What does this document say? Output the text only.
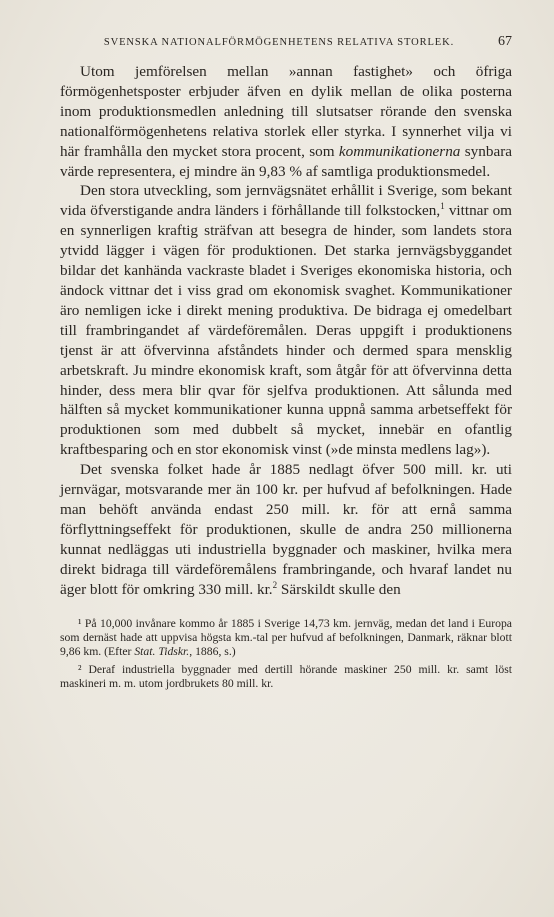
SVENSKA NATIONALFÖRMÖGENHETENS RELATIVA STORLEK.	67

Utom jemförelsen mellan »annan fastighet» och öfriga förmögenhetsposter erbjuder äfven en dylik mellan de olika posterna inom produktionsmedlen anledning till slutsatser rörande den svenska nationalförmögenhetens relativa storlek eller styrka. I synnerhet vilja vi här framhålla den mycket stora procent, som kommunikationerna synbara värde representera, ej mindre än 9,83 % af samtliga produktionsmedel.

Den stora utveckling, som jernvägsnätet erhållit i Sverige, som bekant vida öfverstigande andra länders i förhållande till folkstocken,$^1$ vittnar om en synnerligen kraftig sträfvan att besegra de hinder, som landets stora ytvidd lägger i vägen för produktionen. Det starka jernvägsbyggandet bildar det kanhända vackraste bladet i Sveriges ekonomiska historia, och ändock vittnar det i viss grad om ekonomisk svaghet. Kommunikationer äro nemligen icke i direkt mening produktiva. De bidraga ej omedelbart till frambringandet af värdeföremålen. Deras uppgift i produktionens tjenst är att öfvervinna afståndets hinder och dermed spara mensklig arbetskraft. Ju mindre ekonomisk kraft, som åtgår för att öfvervinna detta hinder, dess mera blir qvar för sjelfva produktionen. Att sålunda med hälften så mycket kommunikationer kunna uppnå samma arbetseffekt för produktionen som med dubbelt så mycket, innebär en ofantlig kraftbesparing och en stor ekonomisk vinst (»de minsta medlens lag»).

Det svenska folket hade år 1885 nedlagt öfver 500 mill. kr. uti jernvägar, motsvarande mer än 100 kr. per hufvud af befolkningen. Hade man behöft använda endast 250 mill. kr. för att ernå samma förflyttningseffekt för produktionen, skulle de andra 250 millionerna kunnat nedläggas uti industriella byggnader och maskiner, hvilka mera direkt bidraga till värdeföremålens frambringande, och hvaraf landet nu äger blott för omkring 330 mill. kr.$^2$ Särskildt skulle den

¹ På 10,000 invånare kommo år 1885 i Sverige 14,73 km. jernväg, medan det land i Europa som dernäst hade att uppvisa högsta km.-tal per hufvud af befolkningen, Danmark, räknar blott 9,86 km. (Efter Stat. Tidskr., 1886, s.)

² Deraf industriella byggnader med dertill hörande maskiner 250 mill. kr. samt löst maskineri m. m. utom jordbrukets 80 mill. kr.
